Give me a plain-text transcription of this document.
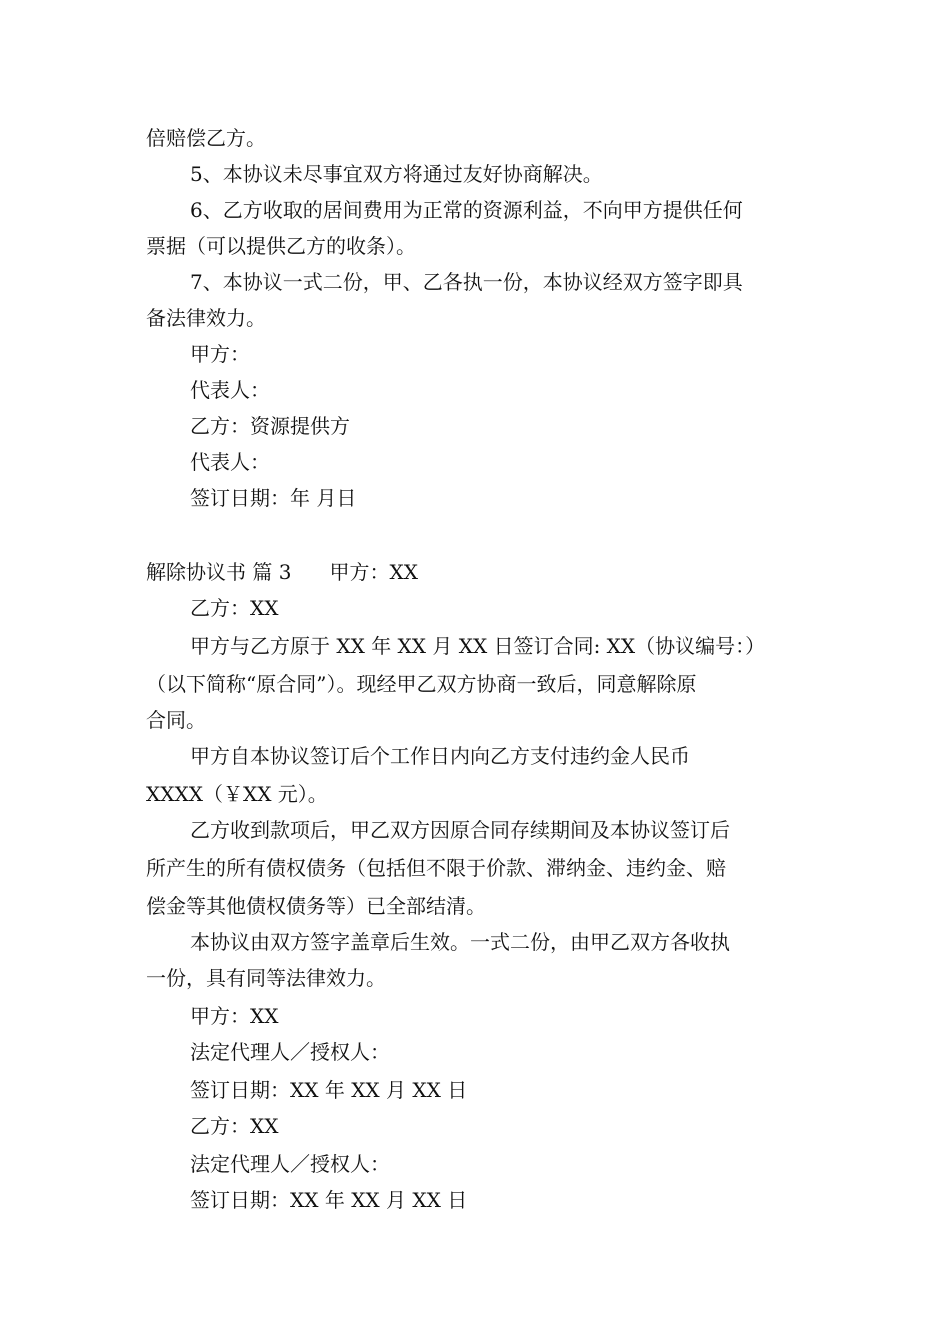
倍赔偿乙方。
5、本协议未尽事宜双方将通过友好协商解决。
6、乙方收取的居间费用为正常的资源利益，不向甲方提供任何
票据（可以提供乙方的收条）。
7、本协议一式二份，甲、乙各执一份，本协议经双方签字即具
备法律效力。
甲方：
代表人：
乙方：资源提供方
代表人：
签订日期：年 月日
解除协议书 篇 3 甲方：XX
乙方：XX
甲方与乙方原于 XX 年 XX 月 XX 日签订合同: XX（协议编号：）
（以下简称“原合同”）。现经甲乙双方协商一致后，同意解除原
合同。
甲方自本协议签订后个工作日内向乙方支付违约金人民币
XXXX（￥XX 元）。
乙方收到款项后，甲乙双方因原合同存续期间及本协议签订后
所产生的所有债权债务（包括但不限于价款、滞纳金、违约金、赔
偿金等其他债权债务等）已全部结清。
本协议由双方签字盖章后生效。一式二份，由甲乙双方各收执
一份，具有同等法律效力。
甲方：XX
法定代理人／授权人：
签订日期：XX 年 XX 月 XX 日
乙方：XX
法定代理人／授权人：
签订日期：XX 年 XX 月 XX 日
